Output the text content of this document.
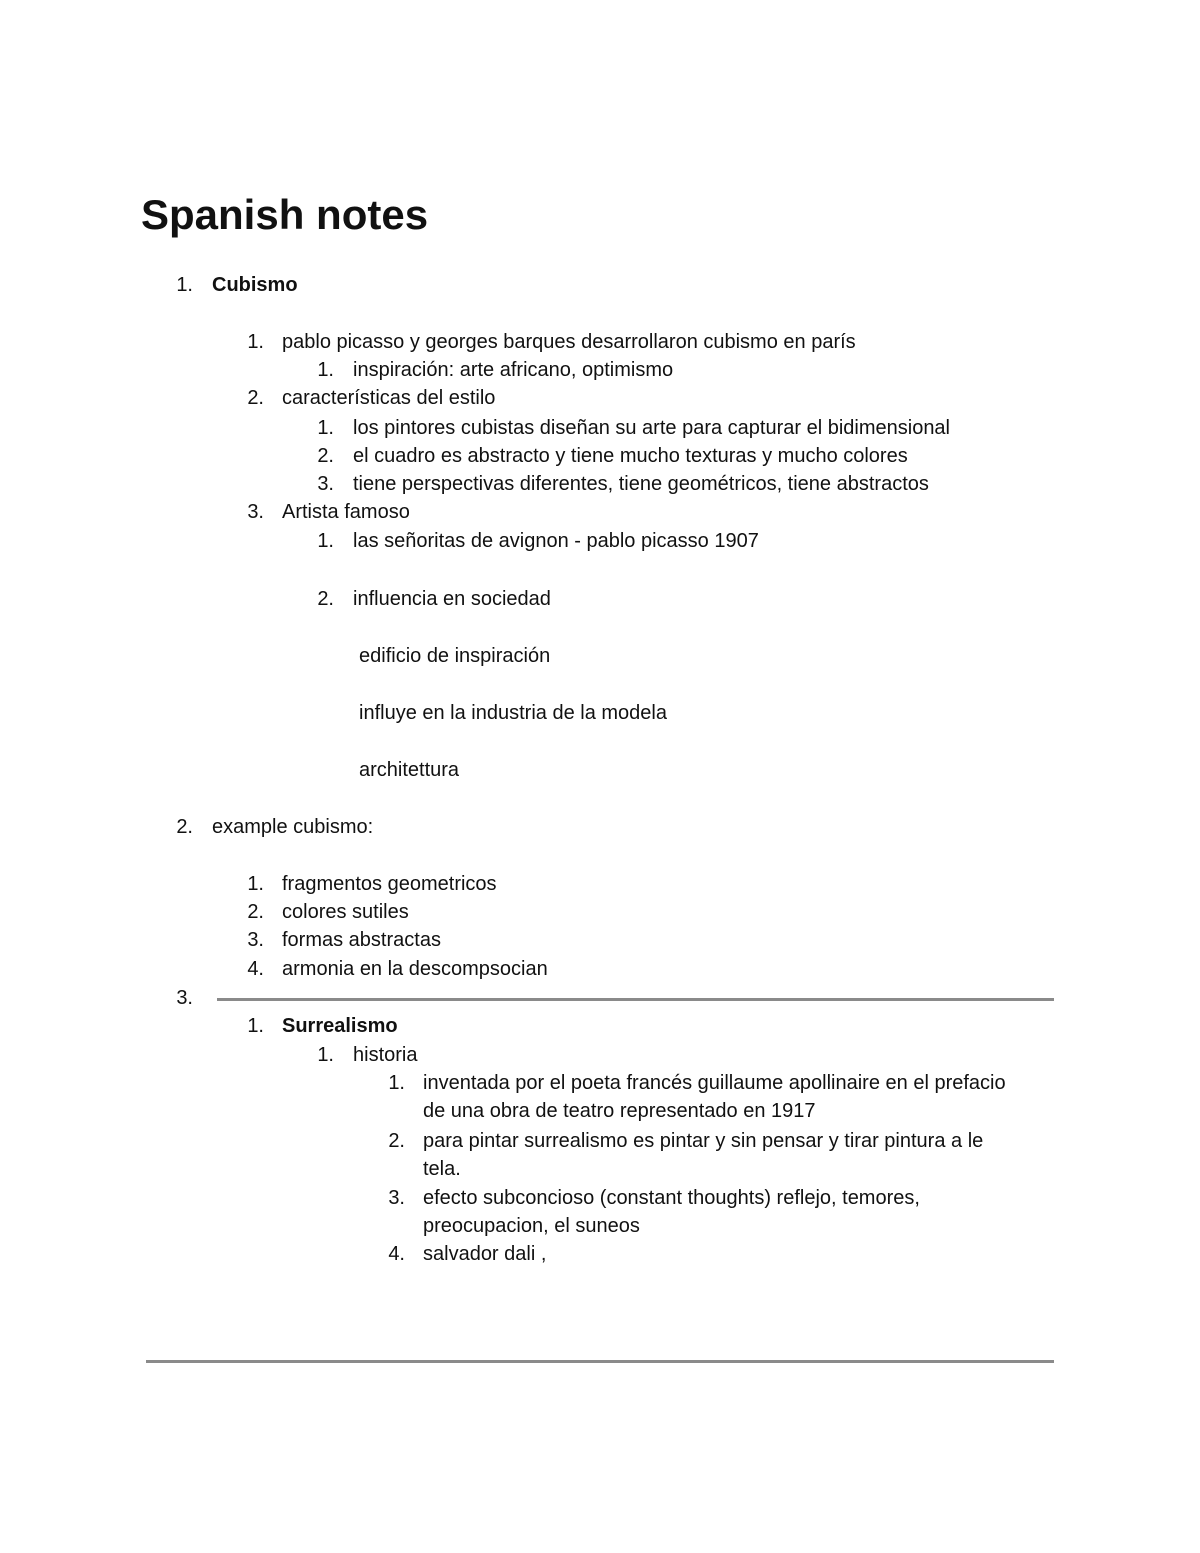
Spanish notes
1. Cubismo
1. pablo picasso y georges barques desarrollaron cubismo en parís
1. inspiración: arte africano, optimismo
2. características del estilo
1. los pintores cubistas diseñan su arte para capturar el bidimensional
2. el cuadro es abstracto y tiene mucho texturas y mucho colores
3. tiene perspectivas diferentes, tiene geométricos, tiene abstractos
3. Artista famoso
1. las señoritas de avignon - pablo picasso 1907
2. influencia en sociedad
edificio de inspiración
influye en la industria de la modela
architettura
2. example cubismo:
1. fragmentos geometricos
2. colores sutiles
3. formas abstractas
4. armonia en la descompsocian
3.
1. Surrealismo
1. historia
1. inventada por el poeta francés guillaume apollinaire en el prefacio
de una obra de teatro representado en 1917
2. para pintar surrealismo es pintar y sin pensar y tirar pintura a le
tela.
3. efecto subconcioso (constant thoughts) reflejo, temores,
preocupacion, el suneos
4. salvador dali ,
